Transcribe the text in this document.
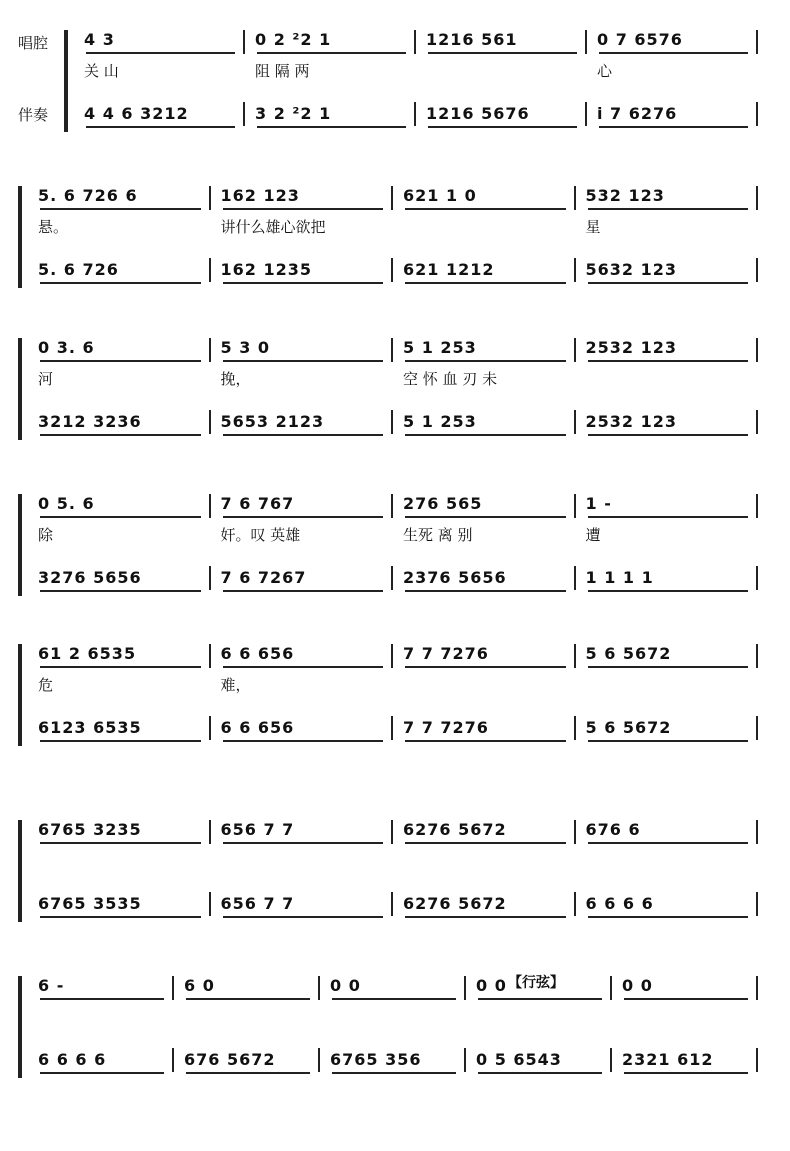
唱腔
伴奏
【行弦】
4 3
关 山
4 4 6 3212
0 2 ²2 1
阻 隔 两
3 2 ²2 1
1216 561
1216 5676
0 7 6576
心
i 7 6276
5. 6 726 6
悬。
5. 6 726
162 123
讲什么雄心欲把
162 1235
621 1 0
621 1212
532 123
星
5632 123
0 3. 6
河
3212 3236
5 3 0
挽，
5653 2123
5 1 253
空 怀 血 刃 未
5 1 253
2532 123
2532 123
0 5. 6
除
3276 5656
7 6 767
奸。叹 英雄
7 6 7267
276 565
生死 离 别
2376 5656
1 -
遭
1 1 1 1
61 2 6535
危
6123 6535
6 6 656
难，
6 6 656
7 7 7276
7 7 7276
5 6 5672
5 6 5672
6765 3235
6765 3535
656 7 7
656 7 7
6276 5672
6276 5672
676 6
6 6 6 6
6 -
6 6 6 6
6 0
676 5672
0 0
6765 356
0 0
0 5 6543
0 0
2321 612
